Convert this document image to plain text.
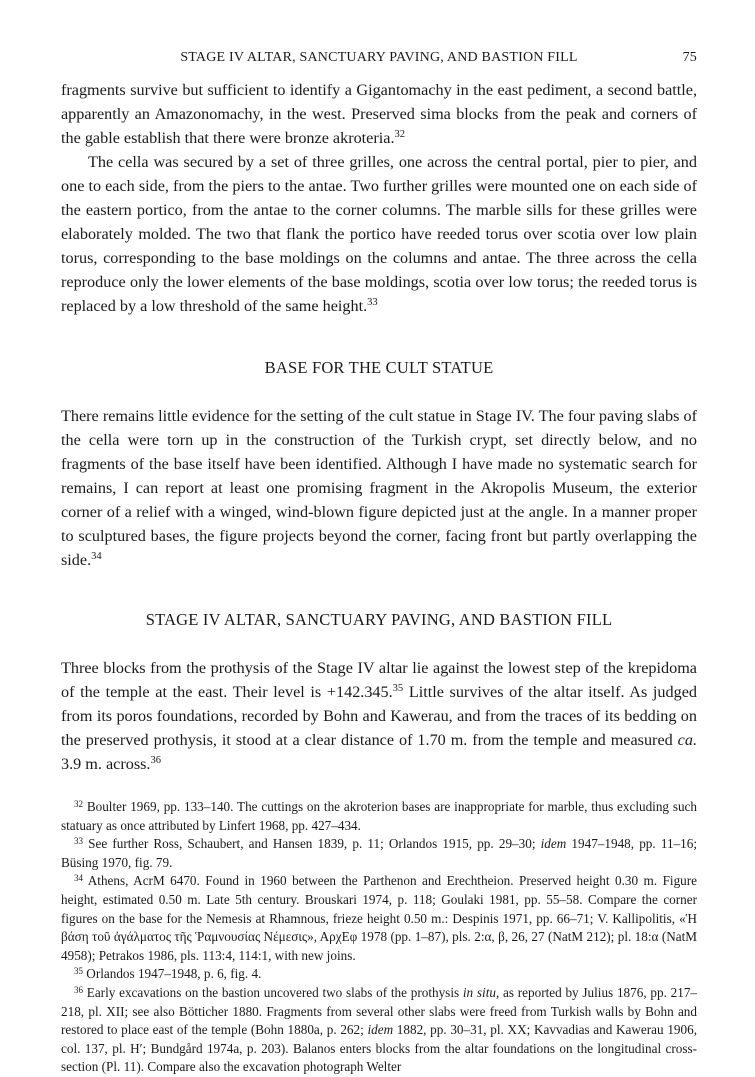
STAGE IV ALTAR, SANCTUARY PAVING, AND BASTION FILL	75

fragments survive but sufficient to identify a Gigantomachy in the east pediment, a second battle, apparently an Amazonomachy, in the west. Preserved sima blocks from the peak and corners of the gable establish that there were bronze akroteria.$^{32}$

The cella was secured by a set of three grilles, one across the central portal, pier to pier, and one to each side, from the piers to the antae. Two further grilles were mounted one on each side of the eastern portico, from the antae to the corner columns. The marble sills for these grilles were elaborately molded. The two that flank the portico have reeded torus over scotia over low plain torus, corresponding to the base moldings on the columns and antae. The three across the cella reproduce only the lower elements of the base moldings, scotia over low torus; the reeded torus is replaced by a low threshold of the same height.$^{33}$

BASE FOR THE CULT STATUE

There remains little evidence for the setting of the cult statue in Stage IV. The four paving slabs of the cella were torn up in the construction of the Turkish crypt, set directly below, and no fragments of the base itself have been identified. Although I have made no systematic search for remains, I can report at least one promising fragment in the Akropolis Museum, the exterior corner of a relief with a winged, wind-blown figure depicted just at the angle. In a manner proper to sculptured bases, the figure projects beyond the corner, facing front but partly overlapping the side.$^{34}$

STAGE IV ALTAR, SANCTUARY PAVING, AND BASTION FILL

Three blocks from the prothysis of the Stage IV altar lie against the lowest step of the krepidoma of the temple at the east. Their level is +142.345.35 Little survives of the altar itself. As judged from its poros foundations, recorded by Bohn and Kawerau, and from the traces of its bedding on the preserved prothysis, it stood at a clear distance of 1.70 m. from the temple and measured ca. 3.9 m. across.$^{36}$

$^{32}$ Boulter 1969, pp. 133–140. The cuttings on the akroterion bases are inappropriate for marble, thus excluding such statuary as once attributed by Linfert 1968, pp. 427–434.

$^{33}$ See further Ross, Schaubert, and Hansen 1839, p. 11; Orlandos 1915, pp. 29–30; idem 1947–1948, pp. 11–16; Büsing 1970, fig. 79.

$^{34}$ Athens, AcrM 6470. Found in 1960 between the Parthenon and Erechtheion. Preserved height 0.30 m. Figure height, estimated 0.50 m. Late 5th century. Brouskari 1974, p. 118; Goulaki 1981, pp. 55–58. Compare the corner figures on the base for the Nemesis at Rhamnous, frieze height 0.50 m.: Despinis 1971, pp. 66–71; V. Kallipolitis, «Ἡ βάση τοῦ ἀγάλματος τῆς Ῥαμνουσίας Νέμεσις», ΑρχΕφ 1978 (pp. 1–87), pls. 2:α, β, 26, 27 (NatM 212); pl. 18:α (NatM 4958); Petrakos 1986, pls. 113:4, 114:1, with new joins.

$^{35}$ Orlandos 1947–1948, p. 6, fig. 4.

$^{36}$ Early excavations on the bastion uncovered two slabs of the prothysis in situ, as reported by Julius 1876, pp. 217–218, pl. XII; see also Bötticher 1880. Fragments from several other slabs were freed from Turkish walls by Bohn and restored to place east of the temple (Bohn 1880a, p. 262; idem 1882, pp. 30–31, pl. XX; Kavvadias and Kawerau 1906, col. 137, pl. H′; Bundgård 1974a, p. 203). Balanos enters blocks from the altar foundations on the longitudinal cross-section (Pl. 11). Compare also the excavation photograph Welter
